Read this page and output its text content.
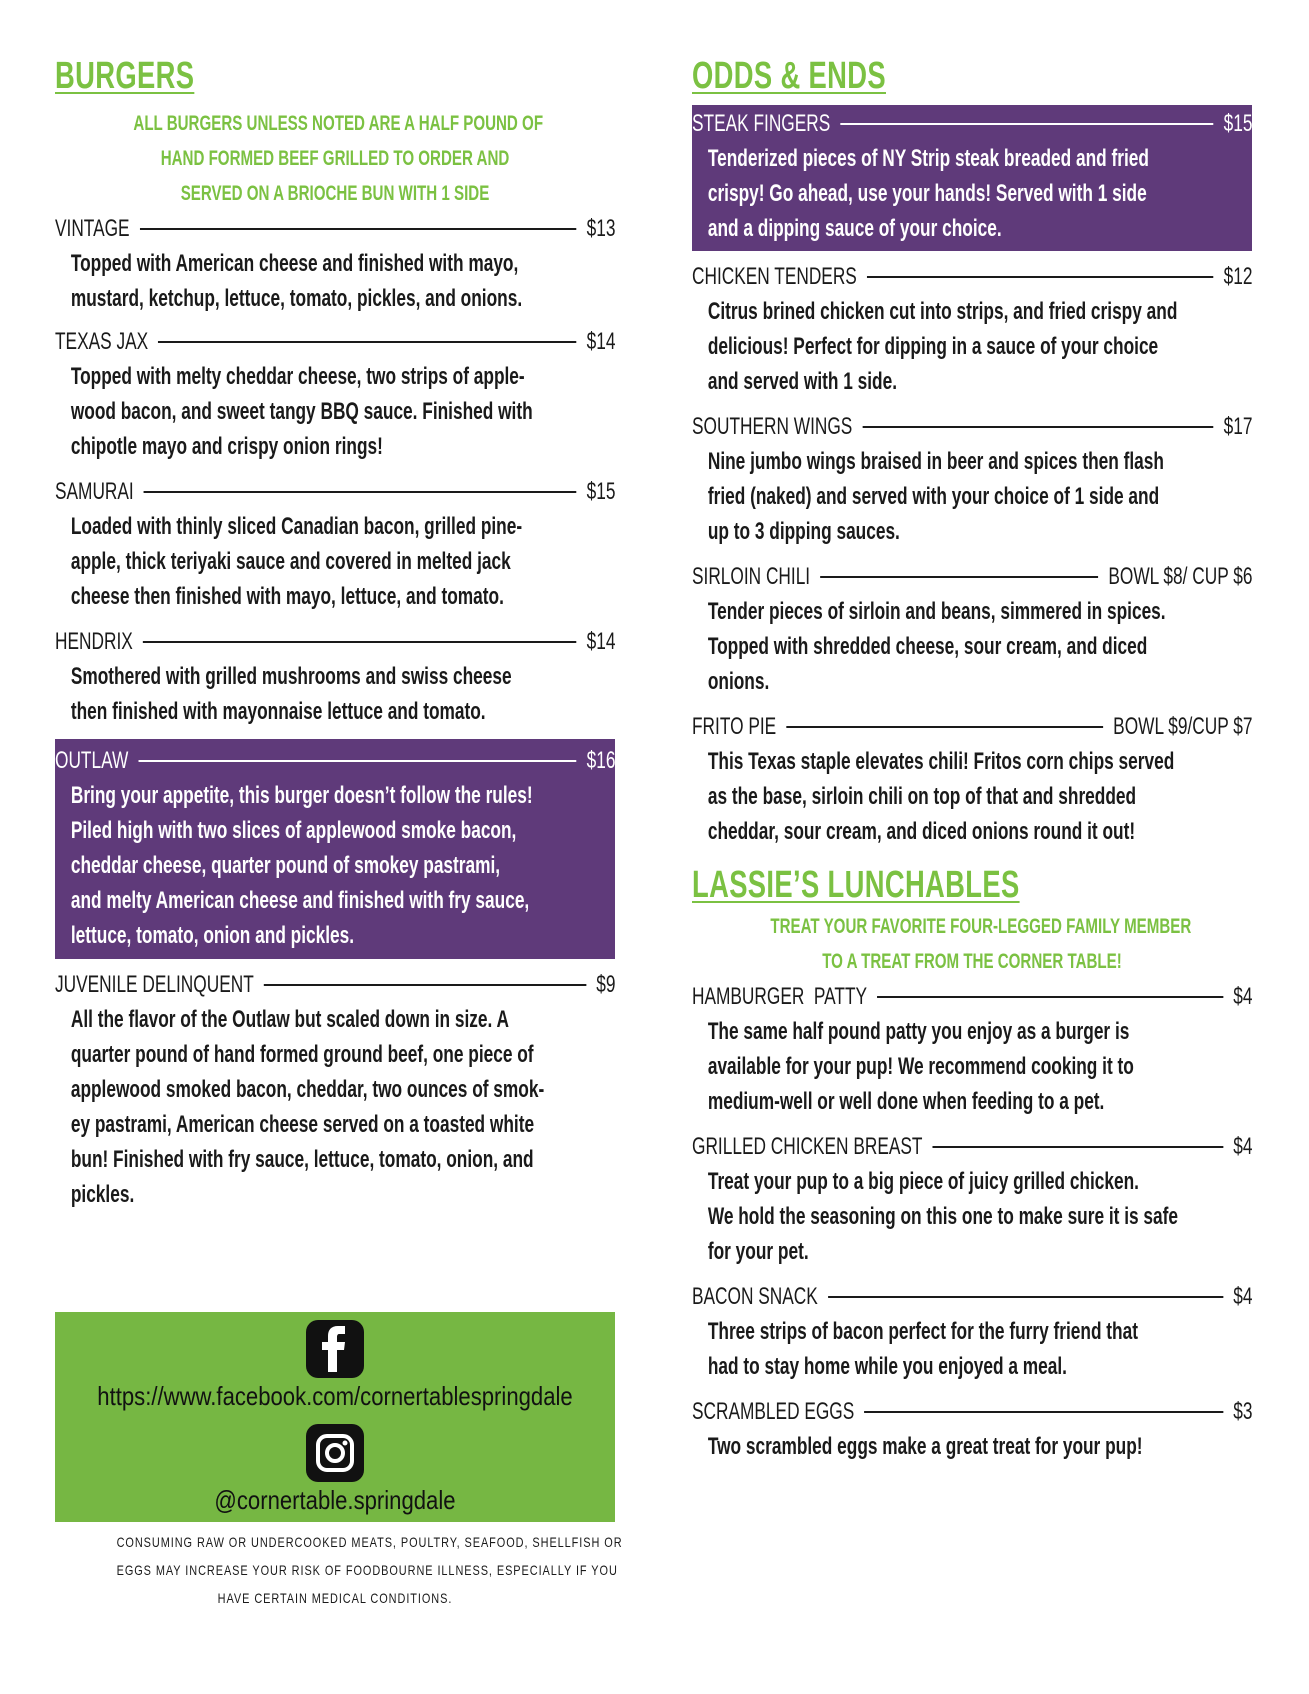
BURGERS
ALL BURGERS UNLESS NOTED ARE A HALF POUND OF
HAND FORMED BEEF GRILLED TO ORDER AND
SERVED ON A BRIOCHE BUN WITH 1 SIDE
VINTAGE	$13
Topped with American cheese and finished with mayo,
mustard, ketchup, lettuce, tomato, pickles, and onions.
TEXAS JAX	$14
Topped with melty cheddar cheese, two strips of apple-
wood bacon, and sweet tangy BBQ sauce. Finished with
chipotle mayo and crispy onion rings!
SAMURAI	$15
Loaded with thinly sliced Canadian bacon, grilled pine-
apple, thick teriyaki sauce and covered in melted jack
cheese then finished with mayo, lettuce, and tomato.
HENDRIX	$14
Smothered with grilled mushrooms and swiss cheese
then finished with mayonnaise lettuce and tomato.
OUTLAW	$16
Bring your appetite, this burger doesn’t follow the rules!
Piled high with two slices of applewood smoke bacon,
cheddar cheese, quarter pound of smokey pastrami,
and melty American cheese and finished with fry sauce,
lettuce, tomato, onion and pickles.
JUVENILE DELINQUENT	$9
All the flavor of the Outlaw but scaled down in size. A
quarter pound of hand formed ground beef, one piece of
applewood smoked bacon, cheddar, two ounces of smok-
ey pastrami, American cheese served on a toasted white
bun! Finished with fry sauce, lettuce, tomato, onion, and
pickles.
https://www.facebook.com/cornertablespringdale
@cornertable.springdale
CONSUMING RAW OR UNDERCOOKED MEATS, POULTRY, SEAFOOD, SHELLFISH OR
EGGS MAY INCREASE YOUR RISK OF FOODBOURNE ILLNESS, ESPECIALLY IF YOU
HAVE CERTAIN MEDICAL CONDITIONS.
ODDS & ENDS
STEAK FINGERS	$15
Tenderized pieces of NY Strip steak breaded and fried
crispy! Go ahead, use your hands! Served with 1 side
and a dipping sauce of your choice.
CHICKEN TENDERS	$12
Citrus brined chicken cut into strips, and fried crispy and
delicious! Perfect for dipping in a sauce of your choice
and served with 1 side.
SOUTHERN WINGS	$17
Nine jumbo wings braised in beer and spices then flash
fried (naked) and served with your choice of 1 side and
up to 3 dipping sauces.
SIRLOIN CHILI	BOWL $8/ CUP $6
Tender pieces of sirloin and beans, simmered in spices.
Topped with shredded cheese, sour cream, and diced
onions.
FRITO PIE	BOWL $9/CUP $7
This Texas staple elevates chili! Fritos corn chips served
as the base, sirloin chili on top of that and shredded
cheddar, sour cream, and diced onions round it out!
LASSIE’S LUNCHABLES
TREAT YOUR FAVORITE FOUR-LEGGED FAMILY MEMBER
TO A TREAT FROM THE CORNER TABLE!
HAMBURGER  PATTY	$4
The same half pound patty you enjoy as a burger is
available for your pup! We recommend cooking it to
medium-well or well done when feeding to a pet.
GRILLED CHICKEN BREAST	$4
Treat your pup to a big piece of juicy grilled chicken.
We hold the seasoning on this one to make sure it is safe
for your pet.
BACON SNACK	$4
Three strips of bacon perfect for the furry friend that
had to stay home while you enjoyed a meal.
SCRAMBLED EGGS	$3
Two scrambled eggs make a great treat for your pup!
